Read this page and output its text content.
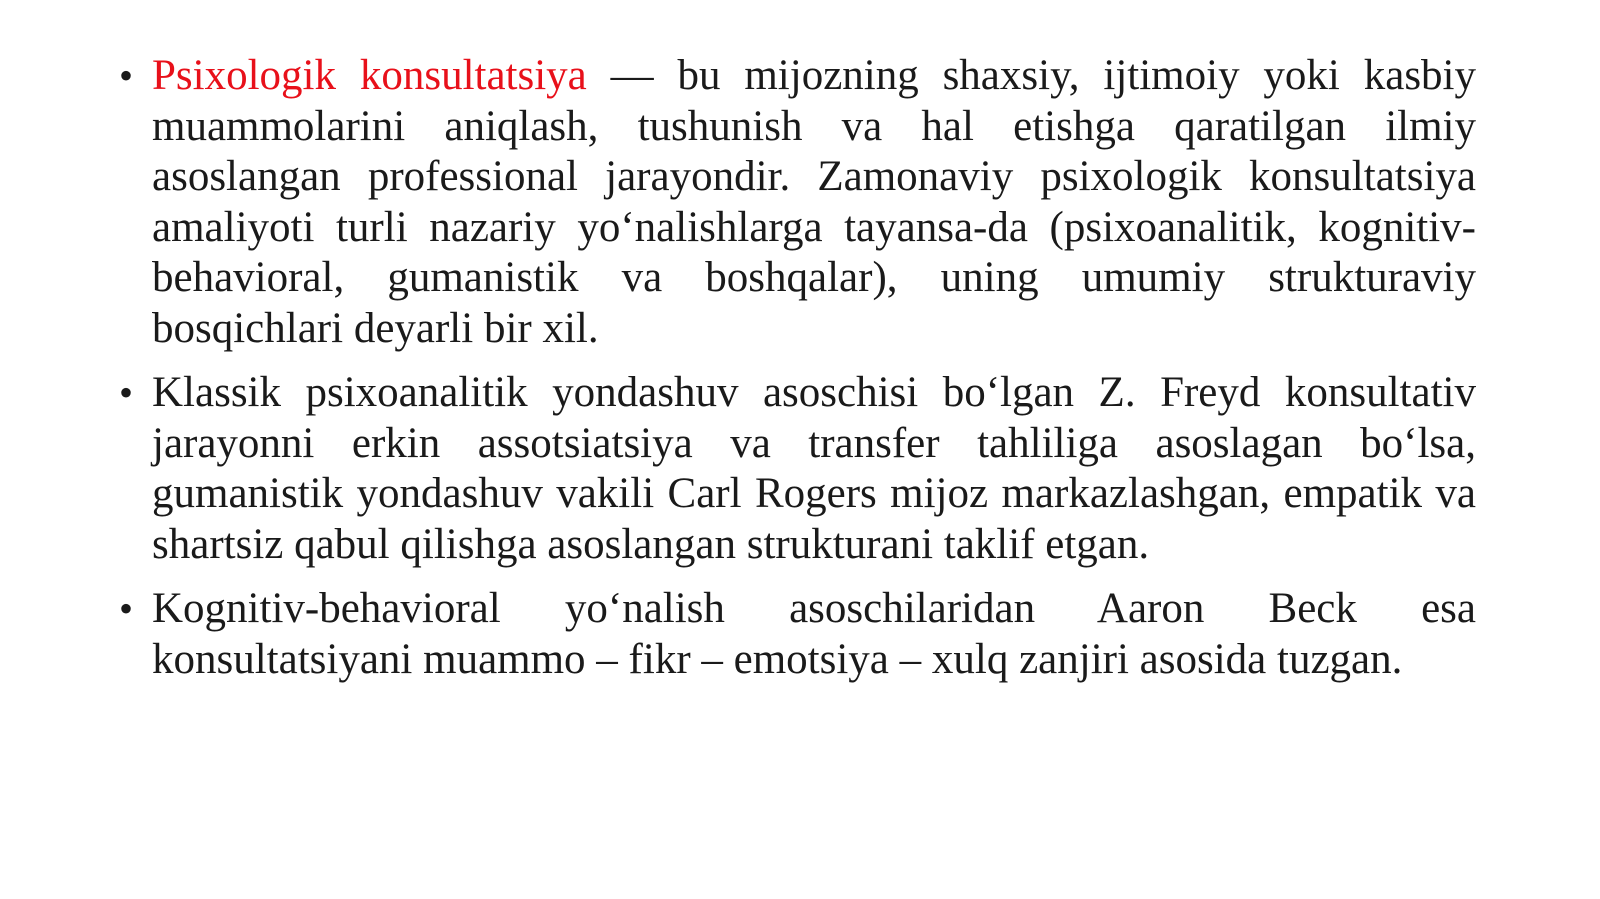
• Psixologik konsultatsiya — bu mijozning shaxsiy, ijtimoiy yoki kasbiy muammolarini aniqlash, tushunish va hal etishga qaratilgan ilmiy asoslangan professional jarayondir. Zamonaviy psixologik konsultatsiya amaliyoti turli nazariy yo‘nalishlarga tayansa-da (psixoanalitik, kognitiv-behavioral, gumanistik va boshqalar), uning umumiy strukturaviy bosqichlari deyarli bir xil.
• Klassik psixoanalitik yondashuv asoschisi bo‘lgan Z. Freyd konsultativ jarayonni erkin assotsiatsiya va transfer tahliliga asoslagan bo‘lsa, gumanistik yondashuv vakili Carl Rogers mijoz markazlashgan, empatik va shartsiz qabul qilishga asoslangan strukturani taklif etgan.
• Kognitiv-behavioral yo‘nalish asoschilaridan Aaron Beck esa konsultatsiyani muammo – fikr – emotsiya – xulq zanjiri asosida tuzgan.
